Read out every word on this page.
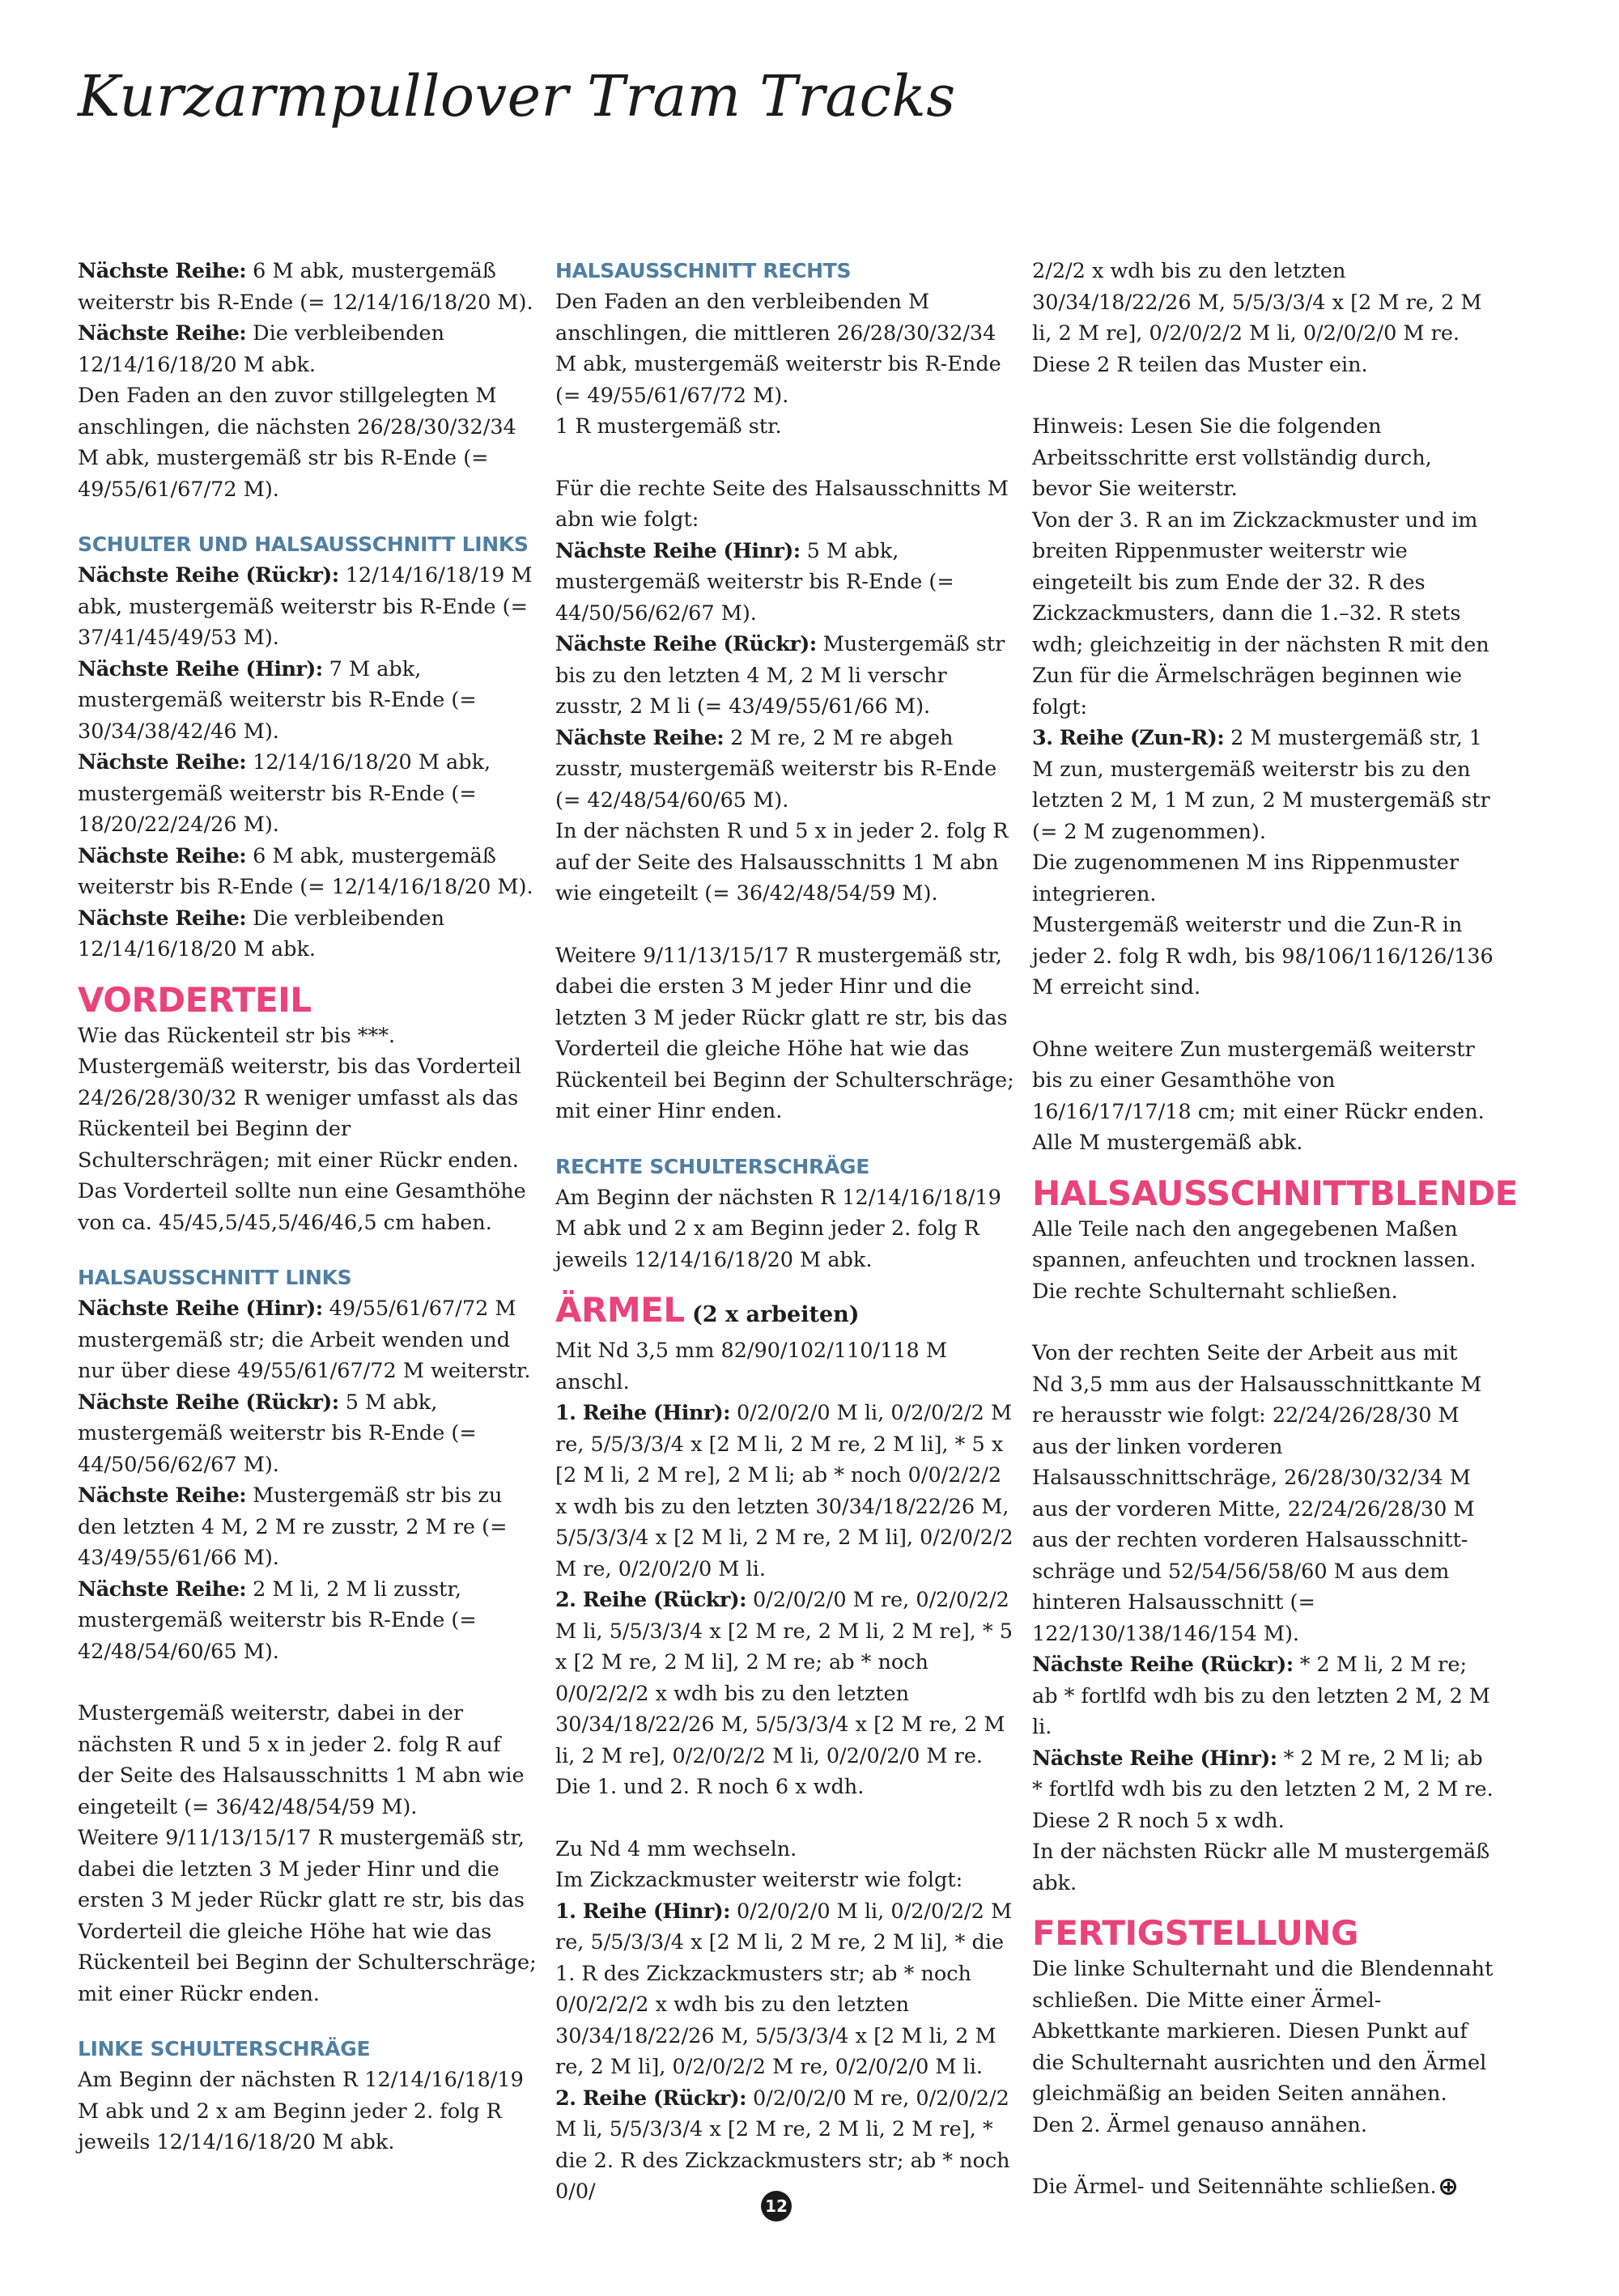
Kurzarmpullover Tram Tracks

Nächste Reihe: 6 M abk, mustergemäß weiterstr bis R-Ende (= 12/14/16/18/20 M).
Nächste Reihe: Die verbleibenden 12/14/16/18/20 M abk.
Den Faden an den zuvor stillgelegten M anschlingen, die nächsten 26/28/30/32/34 M abk, mustergemäß str bis R-Ende (= 49/55/61/67/72 M).

SCHULTER UND HALSAUSSCHNITT LINKS

Nächste Reihe (Rückr): 12/14/16/18/19 M abk, mustergemäß weiterstr bis R-Ende (= 37/41/45/49/53 M).
Nächste Reihe (Hinr): 7 M abk, mustergemäß weiterstr bis R-Ende (= 30/34/38/42/46 M).
Nächste Reihe: 12/14/16/18/20 M abk, mustergemäß weiterstr bis R-Ende (= 18/20/22/24/26 M).
Nächste Reihe: 6 M abk, mustergemäß weiterstr bis R-Ende (= 12/14/16/18/20 M).
Nächste Reihe: Die verbleibenden 12/14/16/18/20 M abk.

VORDERTEIL

Wie das Rückenteil str bis ***.
Mustergemäß weiterstr, bis das Vorderteil 24/26/28/30/32 R weniger umfasst als das Rückenteil bei Beginn der Schulterschrägen; mit einer Rückr enden. Das Vorderteil sollte nun eine Gesamthöhe von ca. 45/45,5/45,5/46/46,5 cm haben.

HALSAUSSCHNITT LINKS

Nächste Reihe (Hinr): 49/55/61/67/72 M mustergemäß str; die Arbeit wenden und nur über diese 49/55/61/67/72 M weiterstr.
Nächste Reihe (Rückr): 5 M abk, mustergemäß weiterstr bis R-Ende (= 44/50/56/62/67 M).
Nächste Reihe: Mustergemäß str bis zu den letzten 4 M, 2 M re zusstr, 2 M re (= 43/49/55/61/66 M).
Nächste Reihe: 2 M li, 2 M li zusstr, mustergemäß weiterstr bis R-Ende (= 42/48/54/60/65 M).

Mustergemäß weiterstr, dabei in der nächsten R und 5 x in jeder 2. folg R auf der Seite des Halsausschnitts 1 M abn wie eingeteilt (= 36/42/48/54/59 M).
Weitere 9/11/13/15/17 R mustergemäß str, dabei die letzten 3 M jeder Hinr und die ersten 3 M jeder Rückr glatt re str, bis das Vorderteil die gleiche Höhe hat wie das Rückenteil bei Beginn der Schulterschräge; mit einer Rückr enden.

LINKE SCHULTERSCHRÄGE

Am Beginn der nächsten R 12/14/16/18/19 M abk und 2 x am Beginn jeder 2. folg R jeweils 12/14/16/18/20 M abk.

HALSAUSSCHNITT RECHTS

Den Faden an den verbleibenden M anschlingen, die mittleren 26/28/30/32/34 M abk, mustergemäß weiterstr bis R-Ende (= 49/55/61/67/72 M).
1 R mustergemäß str.

Für die rechte Seite des Halsausschnitts M abn wie folgt:
Nächste Reihe (Hinr): 5 M abk, mustergemäß weiterstr bis R-Ende (= 44/50/56/62/67 M).
Nächste Reihe (Rückr): Mustergemäß str bis zu den letzten 4 M, 2 M li verschr zusstr, 2 M li (= 43/49/55/61/66 M).
Nächste Reihe: 2 M re, 2 M re abgeh zusstr, mustergemäß weiterstr bis R-Ende (= 42/48/54/60/65 M).
In der nächsten R und 5 x in jeder 2. folg R auf der Seite des Halsausschnitts 1 M abn wie eingeteilt (= 36/42/48/54/59 M).

Weitere 9/11/13/15/17 R mustergemäß str, dabei die ersten 3 M jeder Hinr und die letzten 3 M jeder Rückr glatt re str, bis das Vorderteil die gleiche Höhe hat wie das Rückenteil bei Beginn der Schulterschräge; mit einer Hinr enden.

RECHTE SCHULTERSCHRÄGE

Am Beginn der nächsten R 12/14/16/18/19 M abk und 2 x am Beginn jeder 2. folg R jeweils 12/14/16/18/20 M abk.

ÄRMEL (2 x arbeiten)

Mit Nd 3,5 mm 82/90/102/110/118 M anschl.
1. Reihe (Hinr): 0/2/0/2/0 M li, 0/2/0/2/2 M re, 5/5/3/3/4 x [2 M li, 2 M re, 2 M li], * 5 x [2 M li, 2 M re], 2 M li; ab * noch 0/0/2/2/2 x wdh bis zu den letzten 30/34/18/22/26 M, 5/5/3/3/4 x [2 M li, 2 M re, 2 M li], 0/2/0/2/2 M re, 0/2/0/2/0 M li.
2. Reihe (Rückr): 0/2/0/2/0 M re, 0/2/0/2/2 M li, 5/5/3/3/4 x [2 M re, 2 M li, 2 M re], * 5 x [2 M re, 2 M li], 2 M re; ab * noch 0/0/2/2/2 x wdh bis zu den letzten 30/34/18/22/26 M, 5/5/3/3/4 x [2 M re, 2 M li, 2 M re], 0/2/0/2/2 M li, 0/2/0/2/0 M re.
Die 1. und 2. R noch 6 x wdh.

Zu Nd 4 mm wechseln.
Im Zickzackmuster weiterstr wie folgt:
1. Reihe (Hinr): 0/2/0/2/0 M li, 0/2/0/2/2 M re, 5/5/3/3/4 x [2 M li, 2 M re, 2 M li], * die 1. R des Zickzackmusters str; ab * noch 0/0/2/2/2 x wdh bis zu den letzten 30/34/18/22/26 M, 5/5/3/3/4 x [2 M li, 2 M re, 2 M li], 0/2/0/2/2 M re, 0/2/0/2/0 M li.
2. Reihe (Rückr): 0/2/0/2/0 M re, 0/2/0/2/2 M li, 5/5/3/3/4 x [2 M re, 2 M li, 2 M re], * die 2. R des Zickzackmusters str; ab * noch 0/0/

2/2/2 x wdh bis zu den letzten 30/34/18/22/26 M, 5/5/3/3/4 x [2 M re, 2 M li, 2 M re], 0/2/0/2/2 M li, 0/2/0/2/0 M re.
Diese 2 R teilen das Muster ein.

Hinweis: Lesen Sie die folgenden Arbeitsschritte erst vollständig durch, bevor Sie weiterstr.
Von der 3. R an im Zickzackmuster und im breiten Rippenmuster weiterstr wie eingeteilt bis zum Ende der 32. R des Zickzackmusters, dann die 1.–32. R stets wdh; gleichzeitig in der nächsten R mit den Zun für die Ärmelschrägen beginnen wie folgt:
3. Reihe (Zun-R): 2 M mustergemäß str, 1 M zun, mustergemäß weiterstr bis zu den letzten 2 M, 1 M zun, 2 M mustergemäß str (= 2 M zugenommen).
Die zugenommenen M ins Rippenmuster integrieren.
Mustergemäß weiterstr und die Zun-R in jeder 2. folg R wdh, bis 98/106/116/126/136 M erreicht sind.

Ohne weitere Zun mustergemäß weiterstr bis zu einer Gesamthöhe von 16/16/17/17/18 cm; mit einer Rückr enden.
Alle M mustergemäß abk.

HALSAUSSCHNITTBLENDE

Alle Teile nach den angegebenen Maßen spannen, anfeuchten und trocknen lassen. Die rechte Schulternaht schließen.

Von der rechten Seite der Arbeit aus mit Nd 3,5 mm aus der Halsausschnittkante M re herausstr wie folgt: 22/24/26/28/30 M aus der linken vorderen Halsausschnittschräge, 26/28/30/32/34 M aus der vorderen Mitte, 22/24/26/28/30 M aus der rechten vorderen Halsausschnitt-schräge und 52/54/56/58/60 M aus dem hinteren Halsausschnitt (= 122/130/138/146/154 M).
Nächste Reihe (Rückr): * 2 M li, 2 M re; ab * fortlfd wdh bis zu den letzten 2 M, 2 M li.
Nächste Reihe (Hinr): * 2 M re, 2 M li; ab * fortlfd wdh bis zu den letzten 2 M, 2 M re.
Diese 2 R noch 5 x wdh.
In der nächsten Rückr alle M mustergemäß abk.

FERTIGSTELLUNG

Die linke Schulternaht und die Blendennaht schließen. Die Mitte einer Ärmel-Abkettkante markieren. Diesen Punkt auf die Schulternaht ausrichten und den Ärmel gleichmäßig an beiden Seiten annähen. Den 2. Ärmel genauso annähen.

Die Ärmel- und Seitennähte schließen.

12
